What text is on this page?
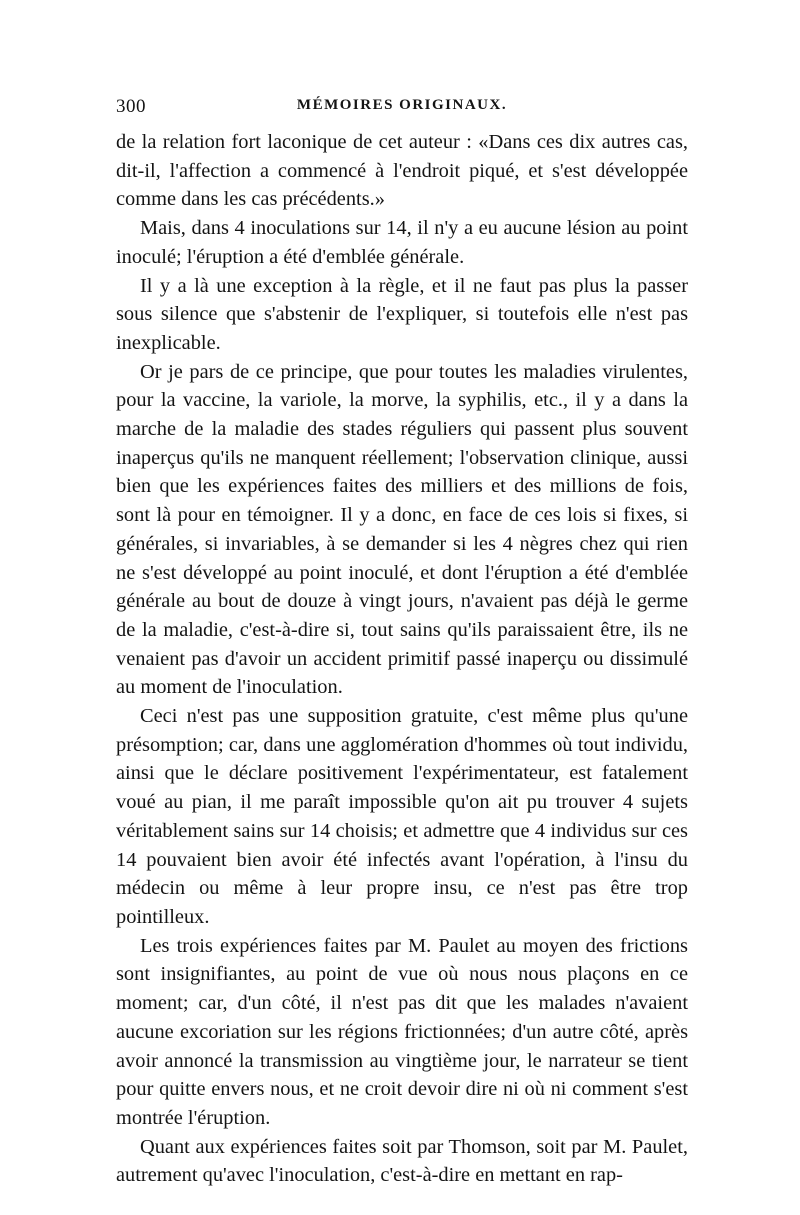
300	MÉMOIRES ORIGINAUX.

de la relation fort laconique de cet auteur : «Dans ces dix autres cas, dit-il, l'affection a commencé à l'endroit piqué, et s'est développée comme dans les cas précédents.»

Mais, dans 4 inoculations sur 14, il n'y a eu aucune lésion au point inoculé; l'éruption a été d'emblée générale.

Il y a là une exception à la règle, et il ne faut pas plus la passer sous silence que s'abstenir de l'expliquer, si toutefois elle n'est pas inexplicable.

Or je pars de ce principe, que pour toutes les maladies virulentes, pour la vaccine, la variole, la morve, la syphilis, etc., il y a dans la marche de la maladie des stades réguliers qui passent plus souvent inaperçus qu'ils ne manquent réellement; l'observation clinique, aussi bien que les expériences faites des milliers et des millions de fois, sont là pour en témoigner. Il y a donc, en face de ces lois si fixes, si générales, si invariables, à se demander si les 4 nègres chez qui rien ne s'est développé au point inoculé, et dont l'éruption a été d'emblée générale au bout de douze à vingt jours, n'avaient pas déjà le germe de la maladie, c'est-à-dire si, tout sains qu'ils paraissaient être, ils ne venaient pas d'avoir un accident primitif passé inaperçu ou dissimulé au moment de l'inoculation.

Ceci n'est pas une supposition gratuite, c'est même plus qu'une présomption; car, dans une agglomération d'hommes où tout individu, ainsi que le déclare positivement l'expérimentateur, est fatalement voué au pian, il me paraît impossible qu'on ait pu trouver 4 sujets véritablement sains sur 14 choisis; et admettre que 4 individus sur ces 14 pouvaient bien avoir été infectés avant l'opération, à l'insu du médecin ou même à leur propre insu, ce n'est pas être trop pointilleux.

Les trois expériences faites par M. Paulet au moyen des frictions sont insignifiantes, au point de vue où nous nous plaçons en ce moment; car, d'un côté, il n'est pas dit que les malades n'avaient aucune excoriation sur les régions frictionnées; d'un autre côté, après avoir annoncé la transmission au vingtième jour, le narrateur se tient pour quitte envers nous, et ne croit devoir dire ni où ni comment s'est montrée l'éruption.

Quant aux expériences faites soit par Thomson, soit par M. Paulet, autrement qu'avec l'inoculation, c'est-à-dire en mettant en rap-
